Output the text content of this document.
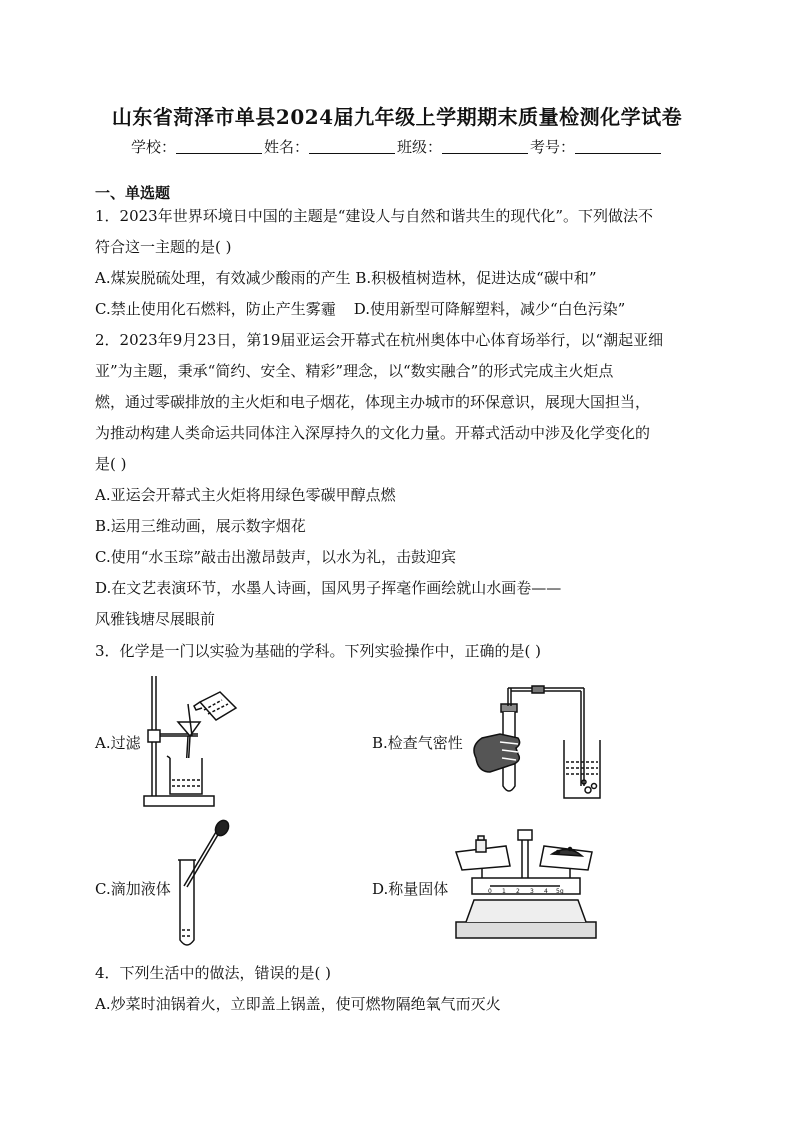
山东省菏泽市单县2024届九年级上学期期末质量检测化学试卷
学校：	姓名：	班级：	考号：
一、单选题
1．2023年世界环境日中国的主题是“建设人与自然和谐共生的现代化”。下列做法不
符合这一主题的是( )
A.煤炭脱硫处理，有效减少酸雨的产生 B.积极植树造林，促进达成“碳中和”
C.禁止使用化石燃料，防止产生雾霾 D.使用新型可降解塑料，减少“白色污染”
2．2023年9月23日，第19届亚运会开幕式在杭州奥体中心体育场举行，以“潮起亚细
亚”为主题，秉承“简约、安全、精彩”理念，以“数实融合”的形式完成主火炬点
燃，通过零碳排放的主火炬和电子烟花，体现主办城市的环保意识，展现大国担当，
为推动构建人类命运共同体注入深厚持久的文化力量。开幕式活动中涉及化学变化的
是( )
A.亚运会开幕式主火炬将用绿色零碳甲醇点燃
B.运用三维动画，展示数字烟花
C.使用“水玉琮”敲击出激昂鼓声，以水为礼，击鼓迎宾
D.在文艺表演环节，水墨人诗画，国风男子挥毫作画绘就山水画卷——
风雅钱塘尽展眼前
3．化学是一门以实验为基础的学科。下列实验操作中，正确的是( )
A.过滤	B.检查气密性
C.滴加液体	D.称量固体	0 1 2 3 4 5g
4．下列生活中的做法，错误的是( )
A.炒菜时油锅着火，立即盖上锅盖，使可燃物隔绝氧气而灭火
